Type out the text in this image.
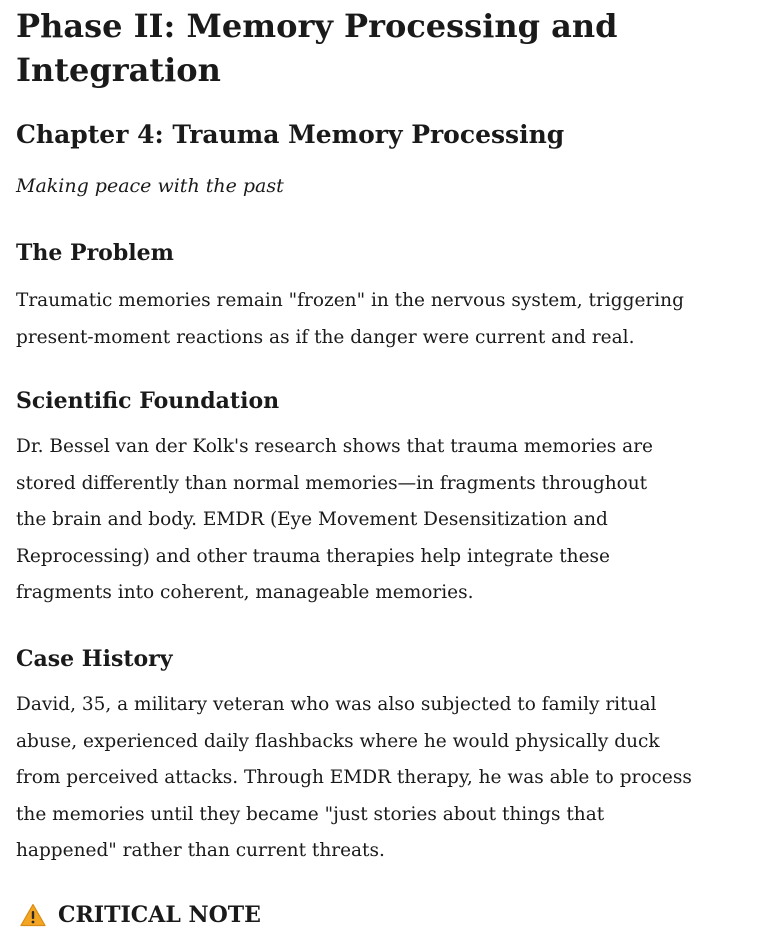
Phase II: Memory Processing and
Integration
Chapter 4: Trauma Memory Processing

Making peace with the past

The Problem

Traumatic memories remain "frozen" in the nervous system, triggering
present-moment reactions as if the danger were current and real.

Scientific Foundation

Dr. Bessel van der Kolk's research shows that trauma memories are
stored differently than normal memories—in fragments throughout
the brain and body. EMDR (Eye Movement Desensitization and
Reprocessing) and other trauma therapies help integrate these
fragments into coherent, manageable memories.

Case History

David, 35, a military veteran who was also subjected to family ritual
abuse, experienced daily flashbacks where he would physically duck
from perceived attacks. Through EMDR therapy, he was able to process
the memories until they became "just stories about things that
happened" rather than current threats.

CRITICAL NOTE
